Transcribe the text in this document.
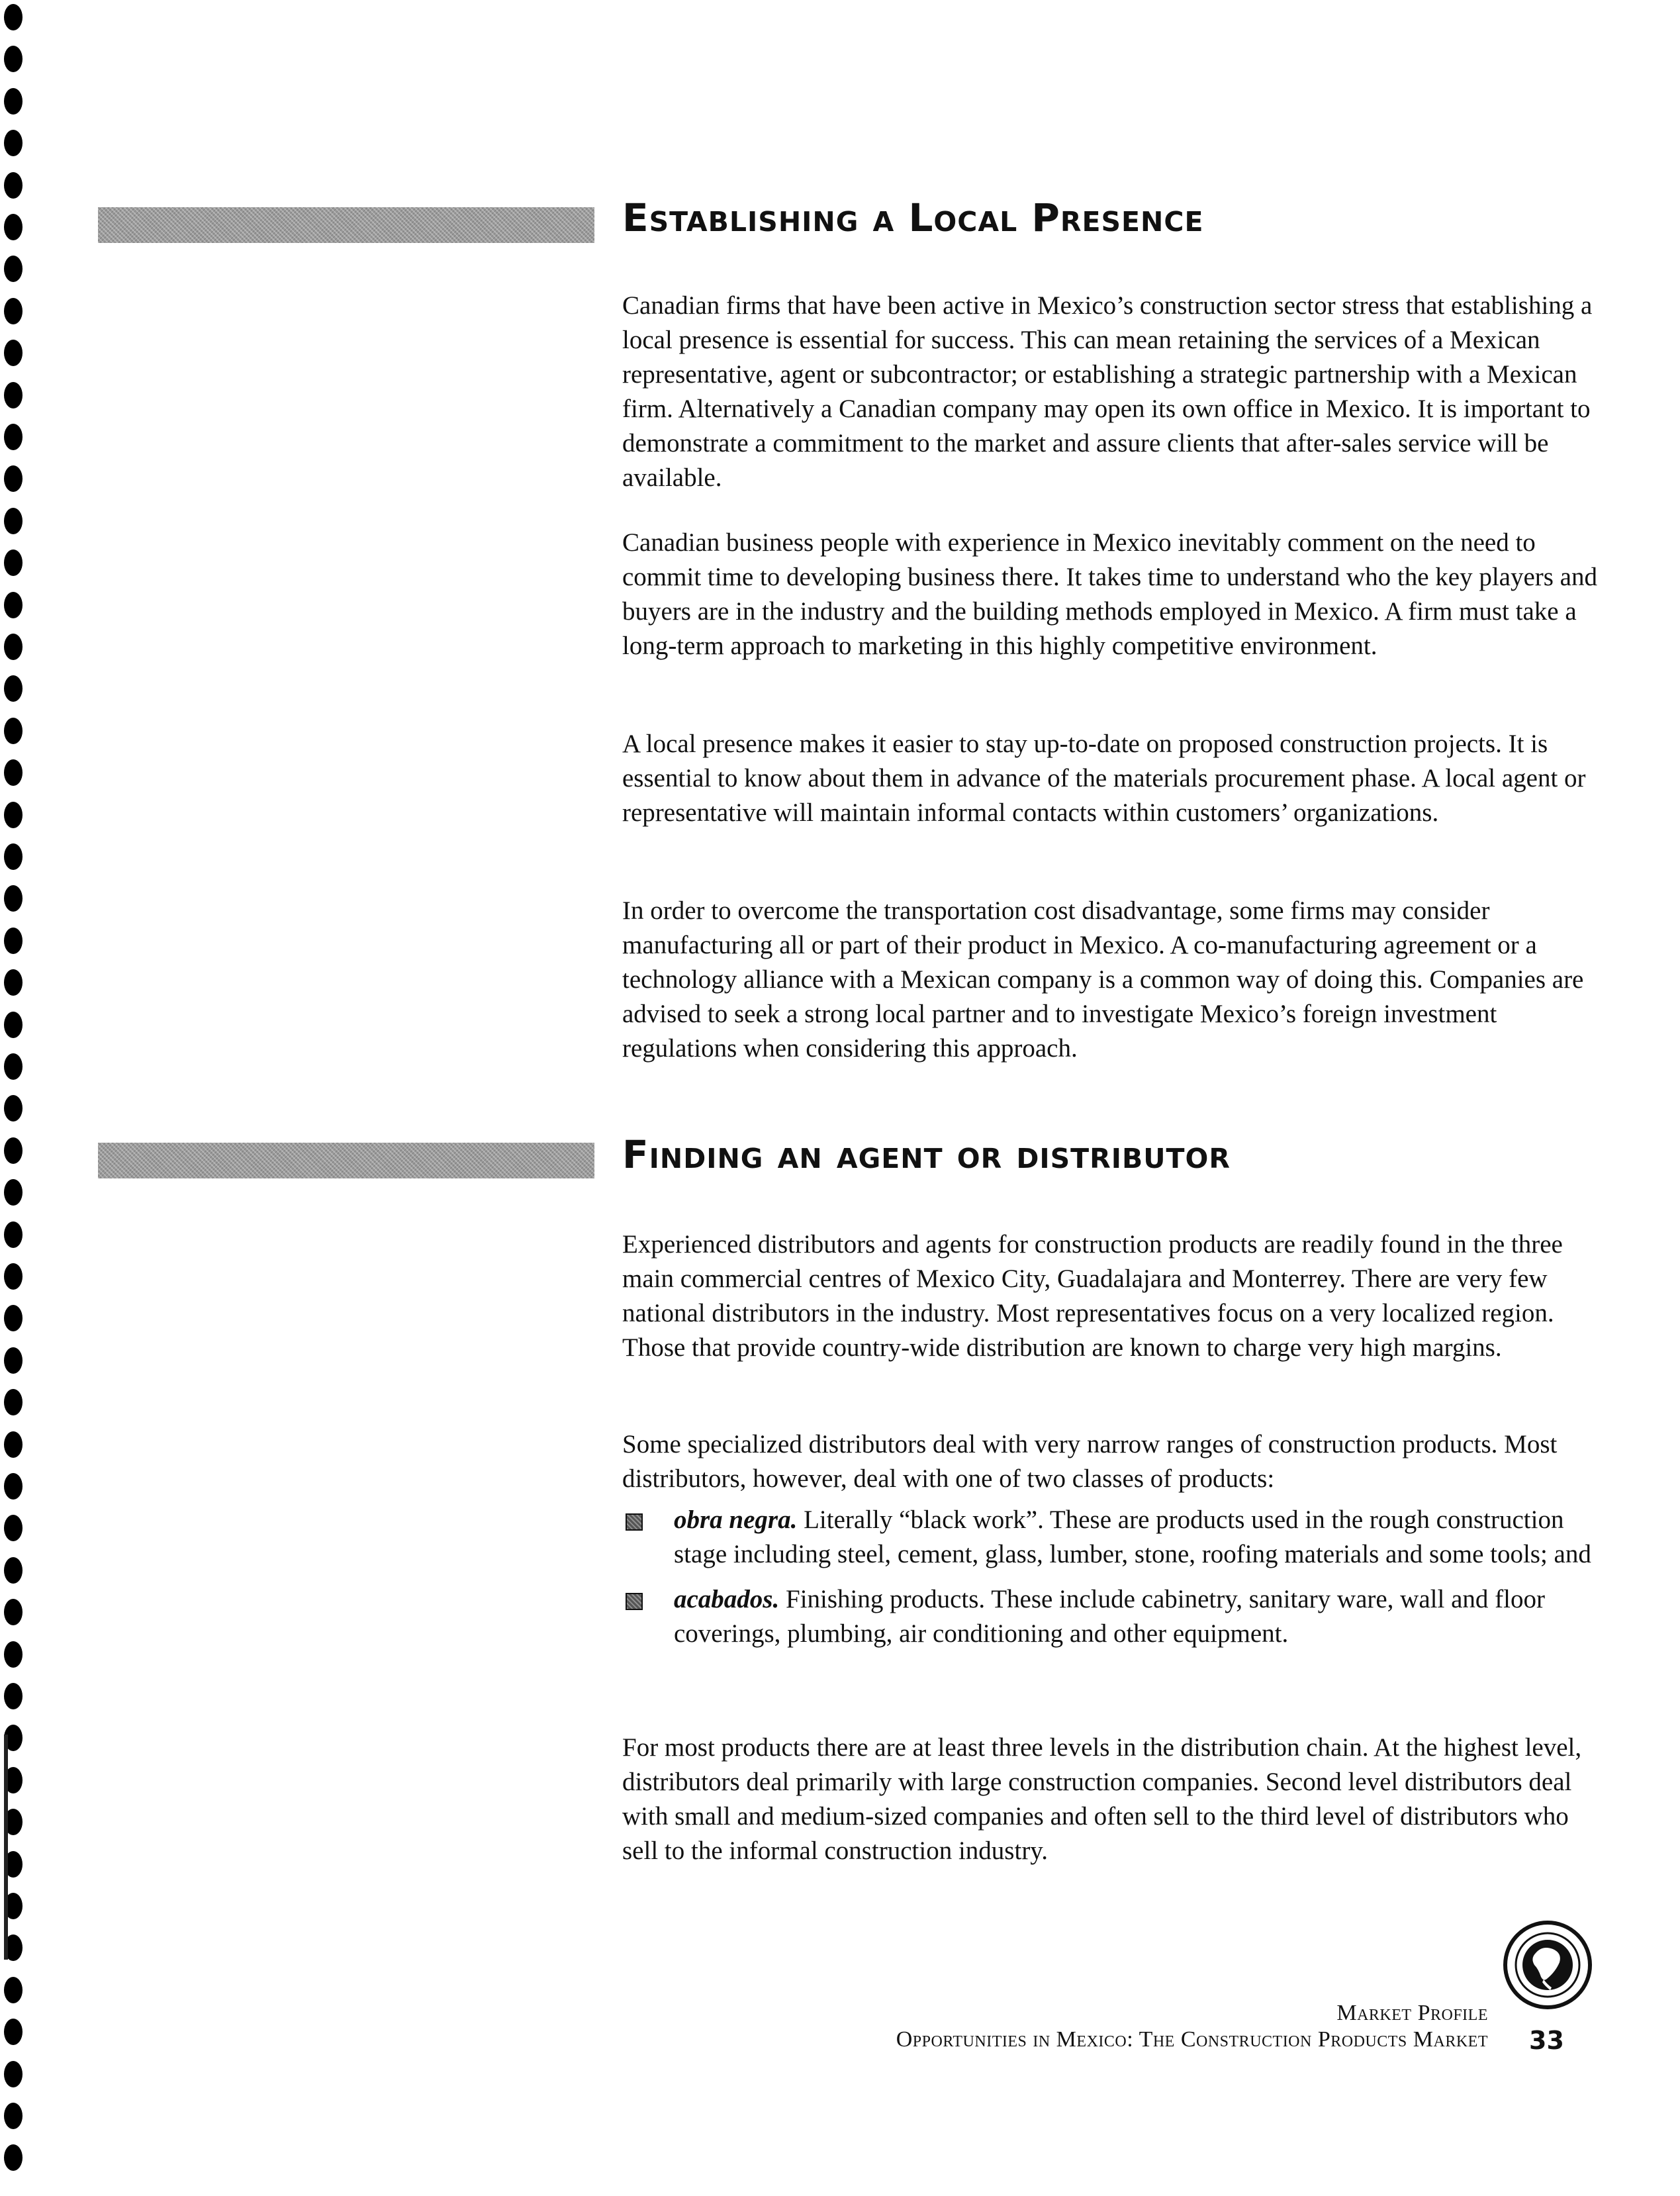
Establishing a Local Presence

Canadian firms that have been active in Mexico’s construction sector stress that establishing a local presence is essential for success. This can mean retaining the services of a Mexican representative, agent or subcontractor; or establishing a strategic partnership with a Mexican firm. Alternatively a Canadian company may open its own office in Mexico. It is important to demonstrate a commitment to the market and assure clients that after-sales service will be available.

Canadian business people with experience in Mexico inevitably comment on the need to commit time to developing business there. It takes time to understand who the key players and buyers are in the industry and the building methods employed in Mexico. A firm must take a long-term approach to marketing in this highly competitive environment.

A local presence makes it easier to stay up-to-date on proposed construction projects. It is essential to know about them in advance of the materials procurement phase. A local agent or representative will maintain informal contacts within customers’ organizations.

In order to overcome the transportation cost disadvantage, some firms may consider manufacturing all or part of their product in Mexico. A co-manufacturing agreement or a technology alliance with a Mexican company is a common way of doing this. Companies are advised to seek a strong local partner and to investigate Mexico’s foreign investment regulations when considering this approach.

Finding an agent or distributor

Experienced distributors and agents for construction products are readily found in the three main commercial centres of Mexico City, Guadalajara and Monterrey. There are very few national distributors in the industry. Most representatives focus on a very localized region. Those that provide country-wide distribution are known to charge very high margins.

Some specialized distributors deal with very narrow ranges of construction products. Most distributors, however, deal with one of two classes of products:

obra negra. Literally “black work”. These are products used in the rough construction stage including steel, cement, glass, lumber, stone, roofing materials and some tools; and
acabados. Finishing products. These include cabinetry, sanitary ware, wall and floor coverings, plumbing, air conditioning and other equipment.

For most products there are at least three levels in the distribution chain. At the highest level, distributors deal primarily with large construction companies. Second level distributors deal with small and medium-sized companies and often sell to the third level of distributors who sell to the informal construction industry.

Market Profile
Opportunities in Mexico: The Construction Products Market 33
